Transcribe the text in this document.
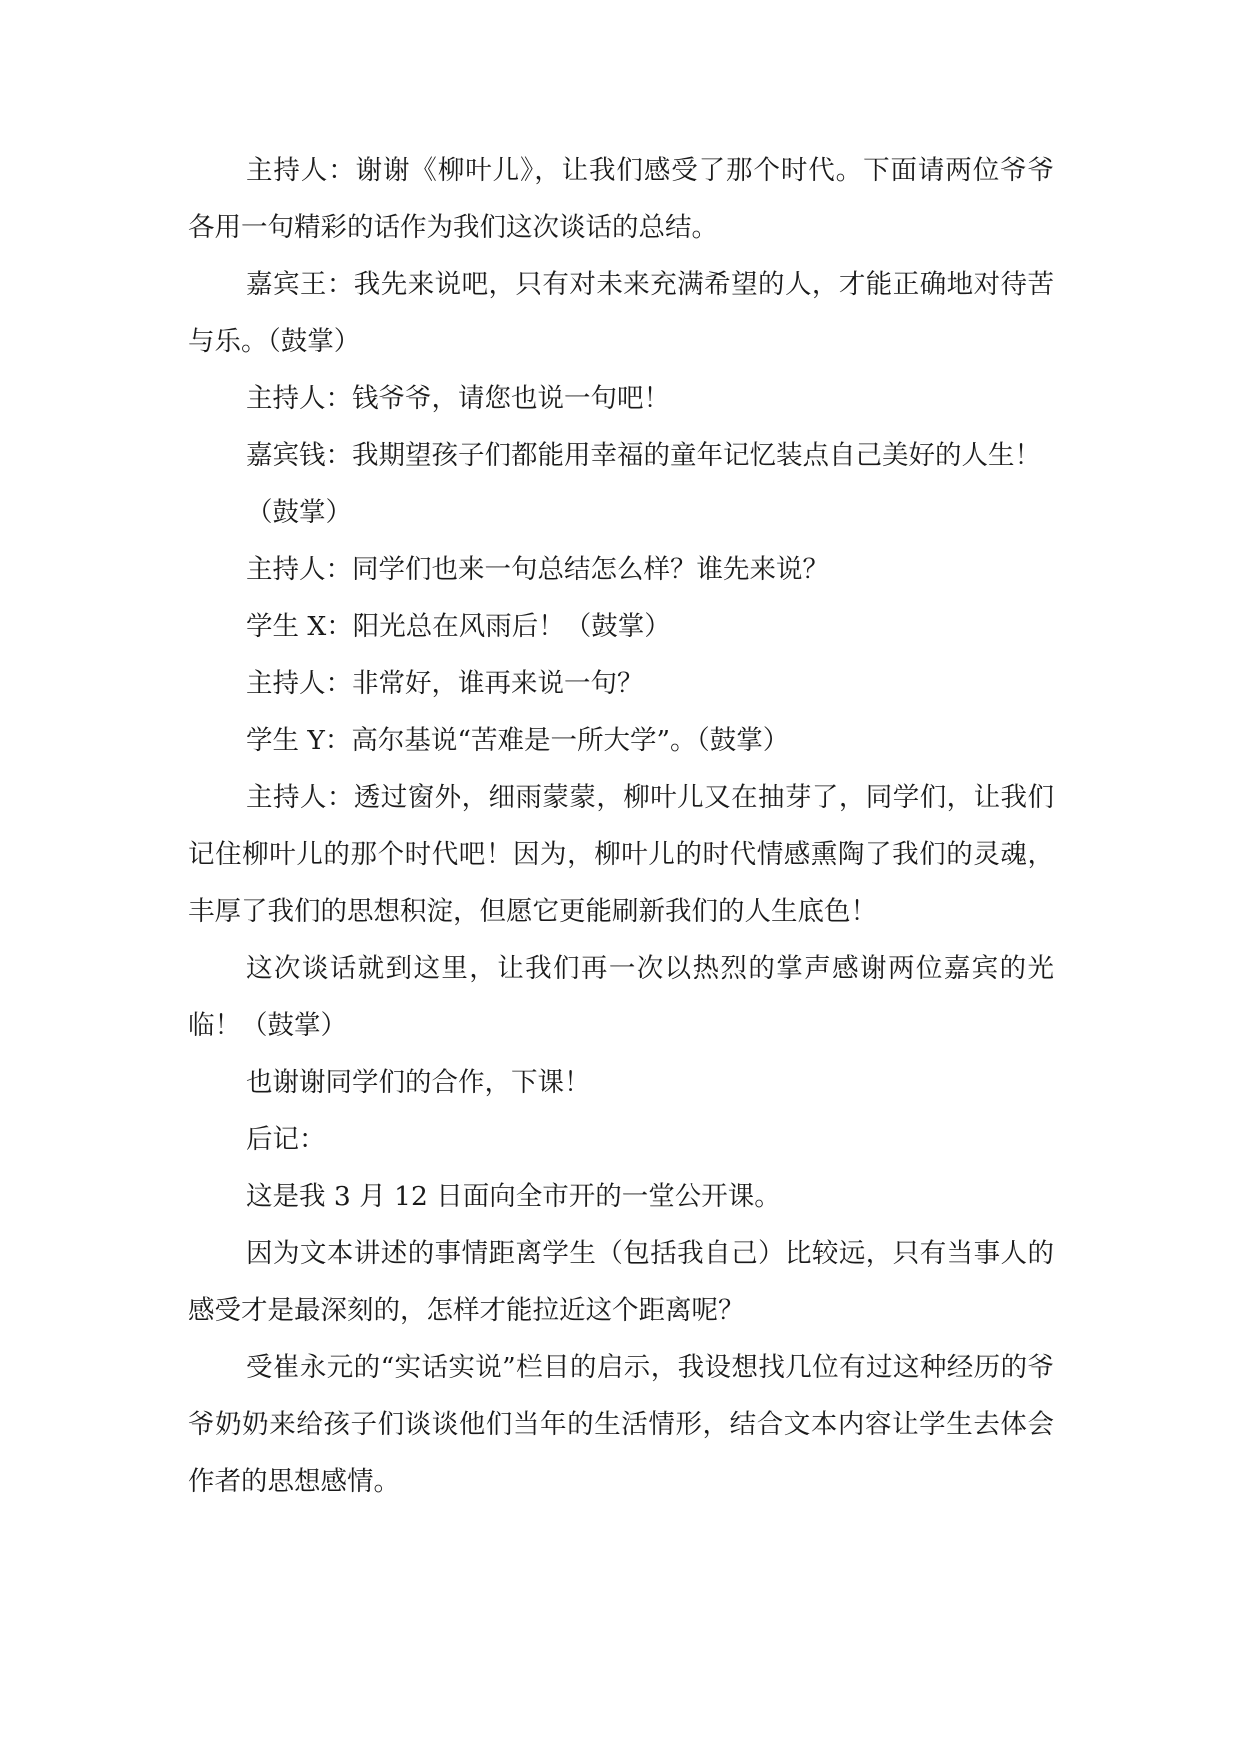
主持人：谢谢《柳叶儿》，让我们感受了那个时代。下面请两位爷爷各用一句精彩的话作为我们这次谈话的总结。

嘉宾王：我先来说吧，只有对未来充满希望的人，才能正确地对待苦与乐。（鼓掌）

主持人：钱爷爷，请您也说一句吧！

嘉宾钱：我期望孩子们都能用幸福的童年记忆装点自己美好的人生！

（鼓掌）

主持人：同学们也来一句总结怎么样？谁先来说？

学生 X：阳光总在风雨后！（鼓掌）

主持人：非常好，谁再来说一句？

学生 Y：高尔基说“苦难是一所大学”。（鼓掌）

主持人：透过窗外，细雨蒙蒙，柳叶儿又在抽芽了，同学们，让我们记住柳叶儿的那个时代吧！因为，柳叶儿的时代情感熏陶了我们的灵魂，丰厚了我们的思想积淀，但愿它更能刷新我们的人生底色！

这次谈话就到这里，让我们再一次以热烈的掌声感谢两位嘉宾的光临！（鼓掌）

也谢谢同学们的合作，下课！

后记：

这是我 3 月 12 日面向全市开的一堂公开课。

因为文本讲述的事情距离学生（包括我自己）比较远，只有当事人的感受才是最深刻的，怎样才能拉近这个距离呢？

受崔永元的“实话实说”栏目的启示，我设想找几位有过这种经历的爷爷奶奶来给孩子们谈谈他们当年的生活情形，结合文本内容让学生去体会作者的思想感情。
